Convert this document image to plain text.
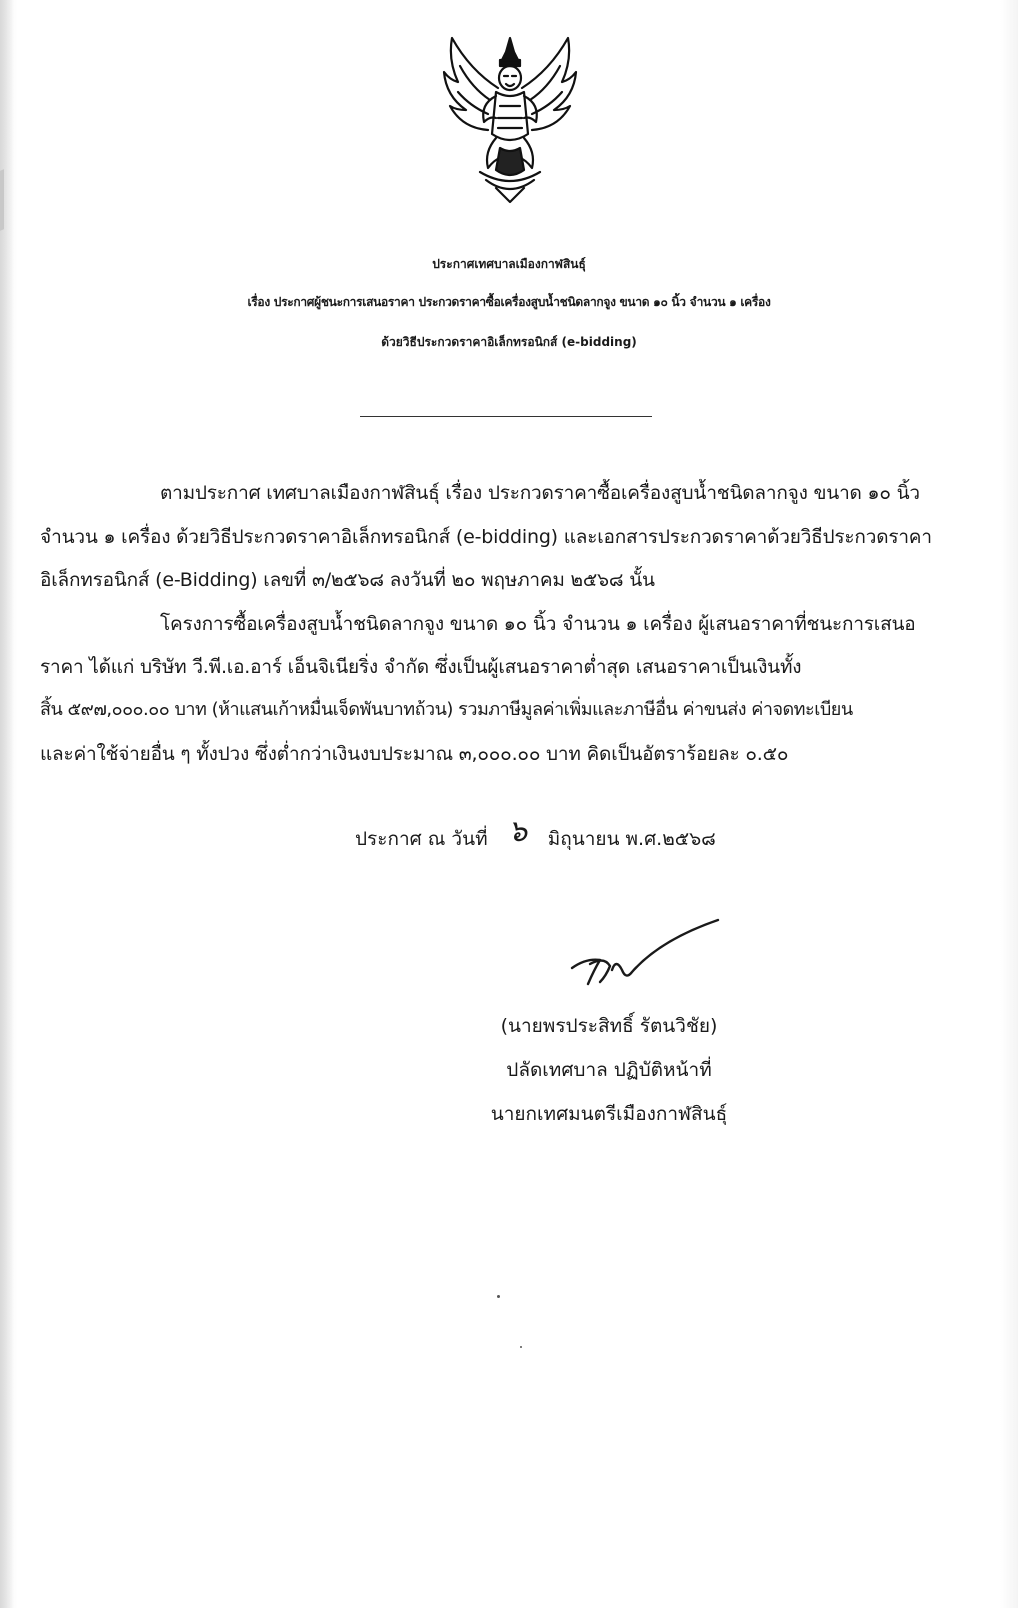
ประกาศเทศบาลเมืองกาฬสินธุ์
เรื่อง ประกาศผู้ชนะการเสนอราคา ประกวดราคาซื้อเครื่องสูบน้ำชนิดลากจูง ขนาด ๑๐ นิ้ว จำนวน ๑ เครื่อง
ด้วยวิธีประกวดราคาอิเล็กทรอนิกส์ (e-bidding)
ตามประกาศ เทศบาลเมืองกาฬสินธุ์ เรื่อง ประกวดราคาซื้อเครื่องสูบน้ำชนิดลากจูง ขนาด ๑๐ นิ้ว
จำนวน ๑ เครื่อง ด้วยวิธีประกวดราคาอิเล็กทรอนิกส์ (e-bidding) และเอกสารประกวดราคาด้วยวิธีประกวดราคา
อิเล็กทรอนิกส์ (e-Bidding) เลขที่ ๓/๒๕๖๘ ลงวันที่ ๒๐ พฤษภาคม ๒๕๖๘ นั้น
โครงการซื้อเครื่องสูบน้ำชนิดลากจูง ขนาด ๑๐ นิ้ว จำนวน ๑ เครื่อง ผู้เสนอราคาที่ชนะการเสนอ
ราคา ได้แก่ บริษัท วี.พี.เอ.อาร์ เอ็นจิเนียริ่ง จำกัด ซึ่งเป็นผู้เสนอราคาต่ำสุด เสนอราคาเป็นเงินทั้ง
สิ้น ๕๙๗,๐๐๐.๐๐ บาท (ห้าแสนเก้าหมื่นเจ็ดพันบาทถ้วน) รวมภาษีมูลค่าเพิ่มและภาษีอื่น ค่าขนส่ง ค่าจดทะเบียน
และค่าใช้จ่ายอื่น ๆ ทั้งปวง ซึ่งต่ำกว่าเงินงบประมาณ ๓,๐๐๐.๐๐ บาท คิดเป็นอัตราร้อยละ ๐.๕๐
ประกาศ ณ วันที่ ๖ มิถุนายน พ.ศ.๒๕๖๘
(นายพรประสิทธิ์ รัตนวิชัย)
ปลัดเทศบาล ปฏิบัติหน้าที่
นายกเทศมนตรีเมืองกาฬสินธุ์
